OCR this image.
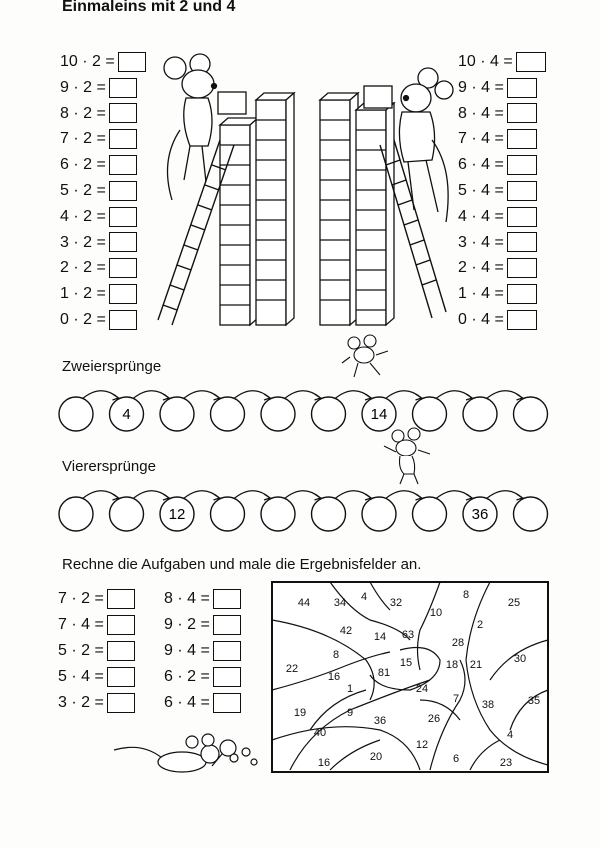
Einmaleins mit 2 und 4
10 · 2 =
9 · 2 =
8 · 2 =
7 · 2 =
6 · 2 =
5 · 2 =
4 · 2 =
3 · 2 =
2 · 2 =
1 · 2 =
0 · 2 =
10 · 4 =
9 · 4 =
8 · 4 =
7 · 4 =
6 · 4 =
5 · 4 =
4 · 4 =
3 · 4 =
2 · 4 =
1 · 4 =
0 · 4 =
Zweiersprünge
4	14
Vierersprünge
12	36
Rechne die Aufgaben und male die Ergebnisfelder an.
7 · 2 =
7 · 4 =
5 · 2 =
5 · 4 =
3 · 2 =
8 · 4 =
9 · 2 =
9 · 4 =
6 · 2 =
6 · 4 =
44 34 4 32
10
8
25
42 14 63
2
28
30
22
8
15	18 21
16	81
1	24
7 38	35
19	9
36	26
4
40
12
16	20	6	23
